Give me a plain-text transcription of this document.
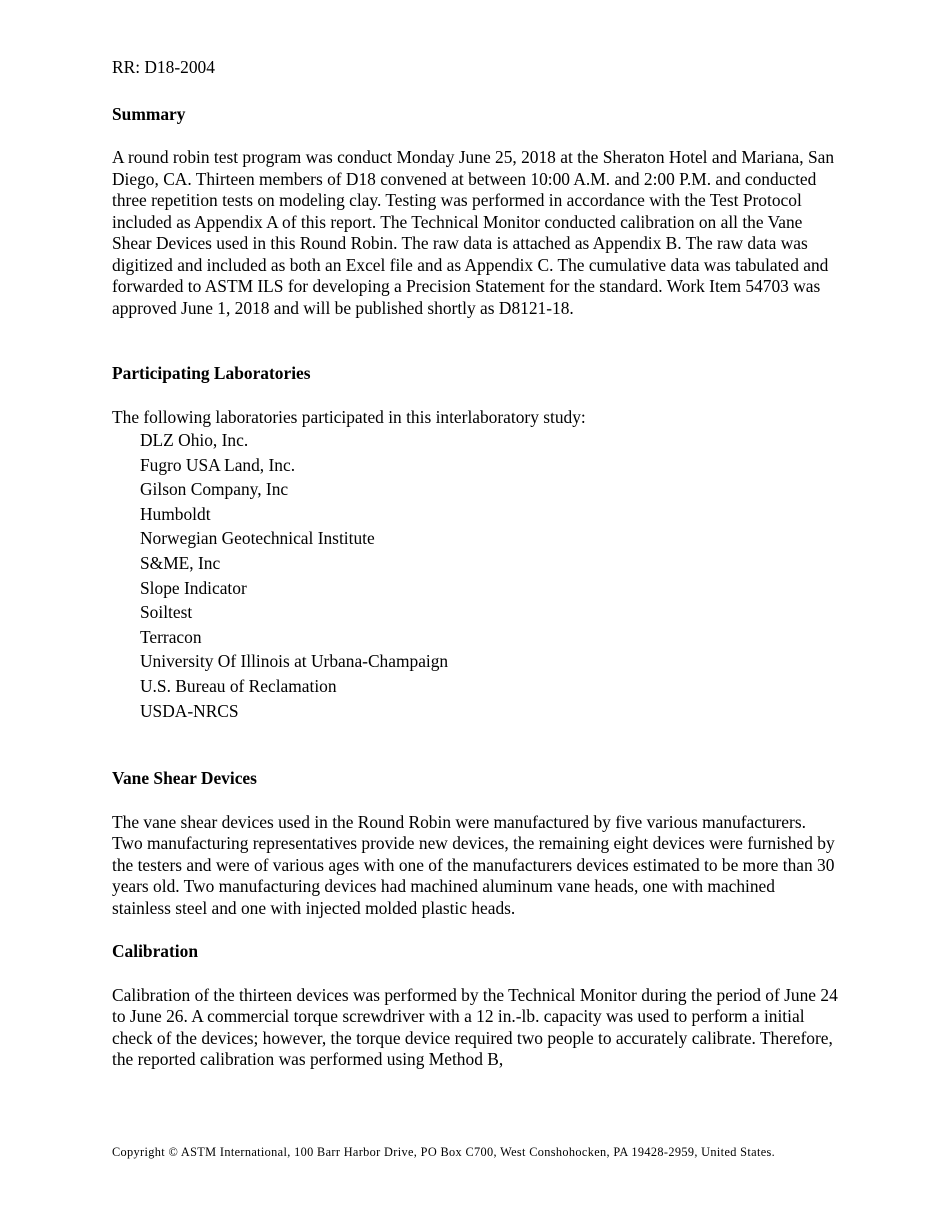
RR: D18-2004
Summary

A round robin test program was conduct Monday June 25, 2018 at the Sheraton Hotel and Mariana, San Diego, CA. Thirteen members of D18 convened at between 10:00 A.M. and 2:00 P.M. and conducted three repetition tests on modeling clay. Testing was performed in accordance with the Test Protocol included as Appendix A of this report. The Technical Monitor conducted calibration on all the Vane Shear Devices used in this Round Robin. The raw data is attached as Appendix B. The raw data was digitized and included as both an Excel file and as Appendix C. The cumulative data was tabulated and forwarded to ASTM ILS for developing a Precision Statement for the standard. Work Item 54703 was approved June 1, 2018 and will be published shortly as D8121-18.

Participating Laboratories

The following laboratories participated in this interlaboratory study:

DLZ Ohio, Inc.
Fugro USA Land, Inc.
Gilson Company, Inc
Humboldt
Norwegian Geotechnical Institute
S&ME, Inc
Slope Indicator
Soiltest
Terracon
University Of Illinois at Urbana-Champaign
U.S. Bureau of Reclamation
USDA-NRCS
Vane Shear Devices

The vane shear devices used in the Round Robin were manufactured by five various manufacturers. Two manufacturing representatives provide new devices, the remaining eight devices were furnished by the testers and were of various ages with one of the manufacturers devices estimated to be more than 30 years old. Two manufacturing devices had machined aluminum vane heads, one with machined stainless steel and one with injected molded plastic heads.

Calibration

Calibration of the thirteen devices was performed by the Technical Monitor during the period of June 24 to June 26. A commercial torque screwdriver with a 12 in.-lb. capacity was used to perform a initial check of the devices; however, the torque device required two people to accurately calibrate. Therefore, the reported calibration was performed using Method B,

Copyright © ASTM International, 100 Barr Harbor Drive, PO Box C700, West Conshohocken, PA 19428-2959, United States.
